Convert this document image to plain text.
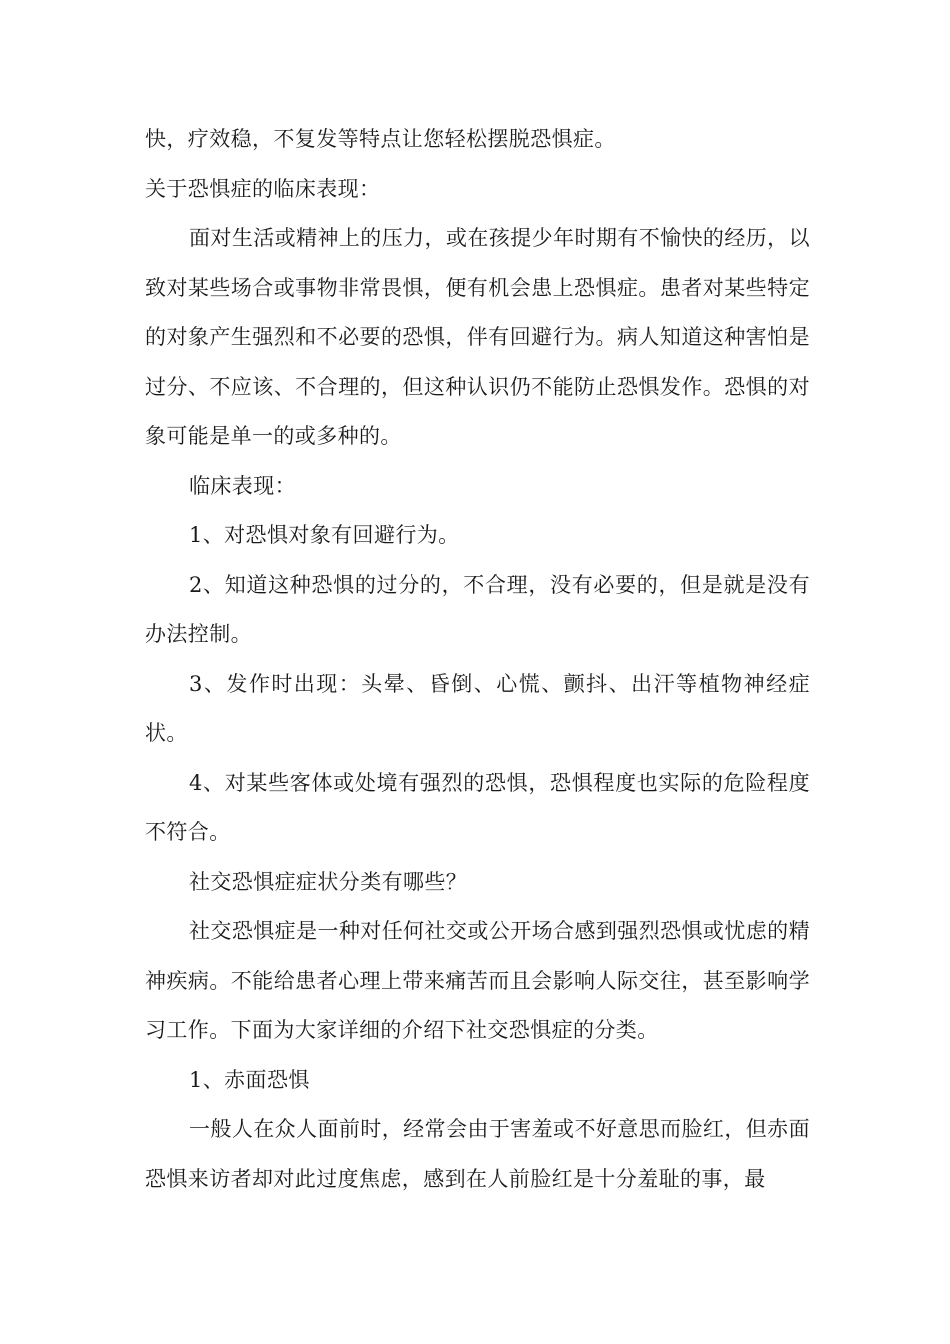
快，疗效稳，不复发等特点让您轻松摆脱恐惧症。

关于恐惧症的临床表现：

面对生活或精神上的压力，或在孩提少年时期有不愉快的经历，以致对某些场合或事物非常畏惧，便有机会患上恐惧症。患者对某些特定的对象产生强烈和不必要的恐惧，伴有回避行为。病人知道这种害怕是过分、不应该、不合理的，但这种认识仍不能防止恐惧发作。恐惧的对象可能是单一的或多种的。

临床表现：

1、对恐惧对象有回避行为。

2、知道这种恐惧的过分的，不合理，没有必要的，但是就是没有办法控制。

3、发作时出现：头晕、昏倒、心慌、颤抖、出汗等植物神经症状。

4、对某些客体或处境有强烈的恐惧，恐惧程度也实际的危险程度不符合。

社交恐惧症症状分类有哪些？

社交恐惧症是一种对任何社交或公开场合感到强烈恐惧或忧虑的精神疾病。不能给患者心理上带来痛苦而且会影响人际交往，甚至影响学习工作。下面为大家详细的介绍下社交恐惧症的分类。

1、赤面恐惧

一般人在众人面前时，经常会由于害羞或不好意思而脸红，但赤面恐惧来访者却对此过度焦虑，感到在人前脸红是十分羞耻的事，最
